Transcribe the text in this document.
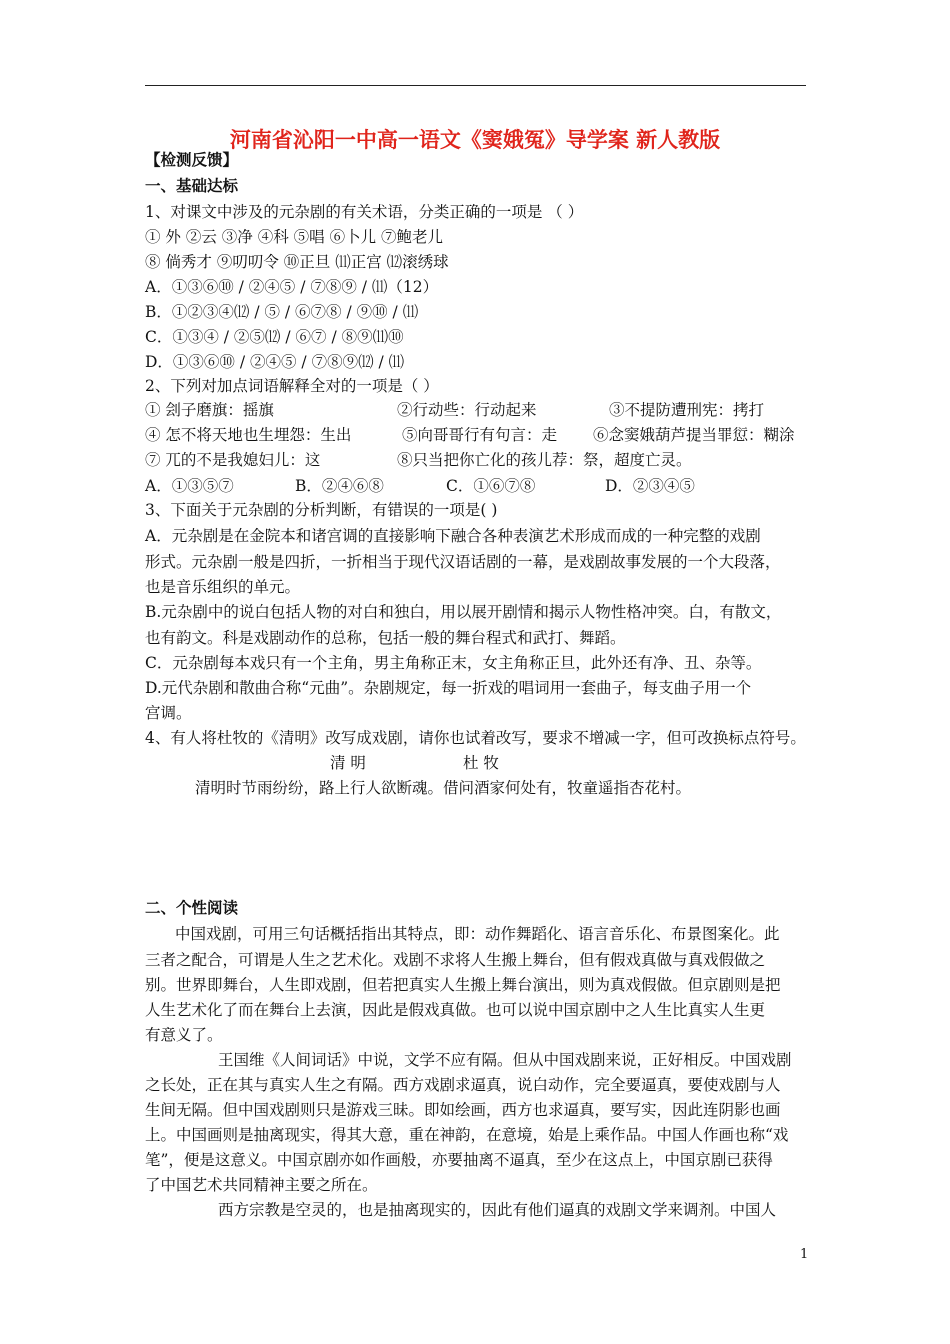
河南省沁阳一中高一语文《窦娥冤》导学案 新人教版
【检测反馈】
一、基础达标
1、对课文中涉及的元杂剧的有关术语，分类正确的一项是 （ ）
① 外 ②云 ③净 ④科 ⑤唱 ⑥卜儿 ⑦鲍老儿
⑧ 倘秀才 ⑨叨叨令 ⑩正旦 ⑾正宫 ⑿滚绣球
A．①③⑥⑩ / ②④⑤ / ⑦⑧⑨ / ⑾（12）
B．①②③④⑿ / ⑤ / ⑥⑦⑧ / ⑨⑩ / ⑾
C．①③④ / ②⑤⑿ / ⑥⑦ / ⑧⑨⑾⑩
D．①③⑥⑩ / ②④⑤ / ⑦⑧⑨⑿ / ⑾
2、下列对加点词语解释全对的一项是（ ）
① 刽子磨旗：摇旗	②行动些：行动起来	③不提防遭刑宪：拷打
④ 怎不将天地也生埋怨：生出	⑤向哥哥行有句言：走 ⑥念窦娥葫芦提当罪愆：糊涂
⑦ 兀的不是我媳妇儿：这	⑧只当把你亡化的孩儿荐：祭，超度亡灵。
A．①③⑤⑦	B．②④⑥⑧	C．①⑥⑦⑧	D．②③④⑤
3、下面关于元杂剧的分析判断，有错误的一项是( )
A．元杂剧是在金院本和诸宫调的直接影响下融合各种表演艺术形成而成的一种完整的戏剧
形式。元杂剧一般是四折，一折相当于现代汉语话剧的一幕，是戏剧故事发展的一个大段落，
也是音乐组织的单元。
B.元杂剧中的说白包括人物的对白和独白，用以展开剧情和揭示人物性格冲突。白，有散文，
也有韵文。科是戏剧动作的总称，包括一般的舞台程式和武打、舞蹈。
C．元杂剧每本戏只有一个主角，男主角称正末，女主角称正旦，此外还有净、丑、杂等。
D.元代杂剧和散曲合称“元曲”。杂剧规定，每一折戏的唱词用一套曲子，每支曲子用一个
宫调。
4、有人将杜牧的《清明》改写成戏剧，请你也试着改写，要求不增减一字，但可改换标点符号。
清 明	杜 牧
清明时节雨纷纷，路上行人欲断魂。借问酒家何处有，牧童遥指杏花村。
二、个性阅读
中国戏剧，可用三句话概括指出其特点，即：动作舞蹈化、语言音乐化、布景图案化。此
三者之配合，可谓是人生之艺术化。戏剧不求将人生搬上舞台，但有假戏真做与真戏假做之
别。世界即舞台，人生即戏剧，但若把真实人生搬上舞台演出，则为真戏假做。但京剧则是把
人生艺术化了而在舞台上去演，因此是假戏真做。也可以说中国京剧中之人生比真实人生更
有意义了。
王国维《人间词话》中说，文学不应有隔。但从中国戏剧来说，正好相反。中国戏剧
之长处，正在其与真实人生之有隔。西方戏剧求逼真，说白动作，完全要逼真，要使戏剧与人
生间无隔。但中国戏剧则只是游戏三昧。即如绘画，西方也求逼真，要写实，因此连阴影也画
上。中国画则是抽离现实，得其大意，重在神韵，在意境，始是上乘作品。中国人作画也称“戏
笔”，便是这意义。中国京剧亦如作画般，亦要抽离不逼真，至少在这点上，中国京剧已获得
了中国艺术共同精神主要之所在。
西方宗教是空灵的，也是抽离现实的，因此有他们逼真的戏剧文学来调剂。中国人
1
